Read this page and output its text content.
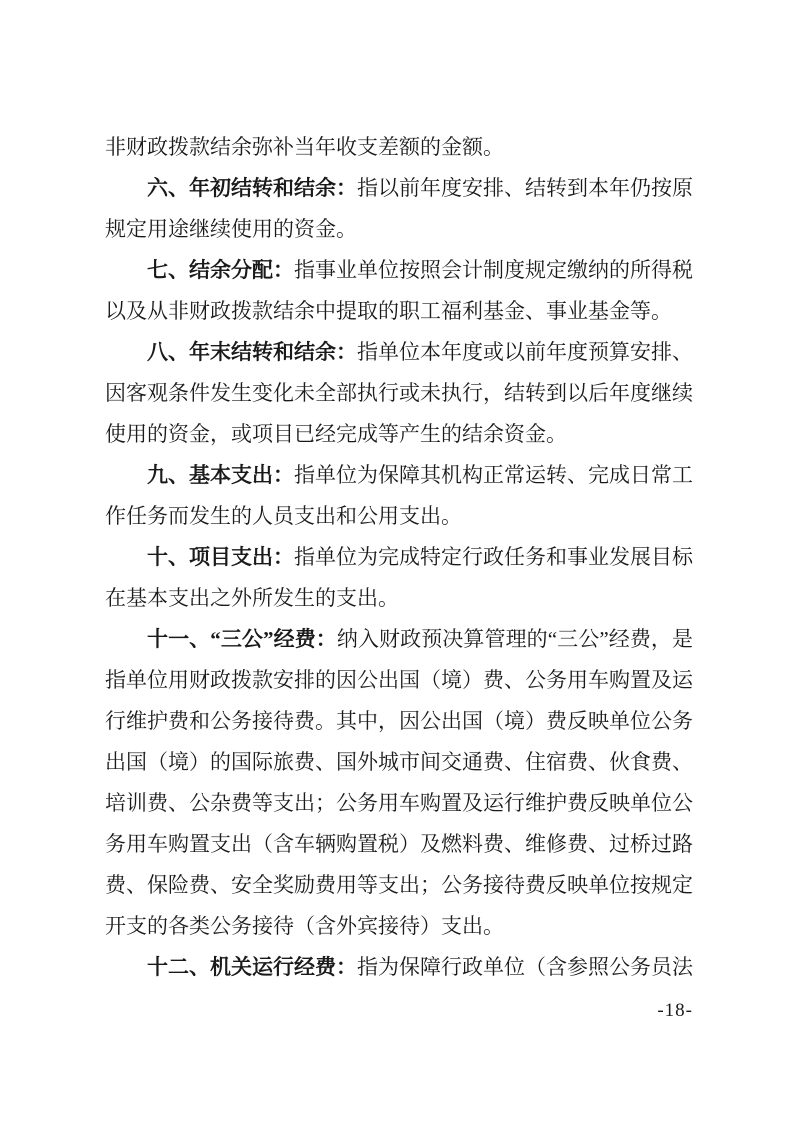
非财政拨款结余弥补当年收支差额的金额。

六、年初结转和结余：指以前年度安排、结转到本年仍按原规定用途继续使用的资金。

七、结余分配：指事业单位按照会计制度规定缴纳的所得税以及从非财政拨款结余中提取的职工福利基金、事业基金等。

八、年末结转和结余：指单位本年度或以前年度预算安排、因客观条件发生变化未全部执行或未执行，结转到以后年度继续使用的资金，或项目已经完成等产生的结余资金。

九、基本支出：指单位为保障其机构正常运转、完成日常工作任务而发生的人员支出和公用支出。

十、项目支出：指单位为完成特定行政任务和事业发展目标在基本支出之外所发生的支出。

十一、“三公”经费：纳入财政预决算管理的“三公”经费，是指单位用财政拨款安排的因公出国（境）费、公务用车购置及运行维护费和公务接待费。其中，因公出国（境）费反映单位公务出国（境）的国际旅费、国外城市间交通费、住宿费、伙食费、培训费、公杂费等支出；公务用车购置及运行维护费反映单位公务用车购置支出（含车辆购置税）及燃料费、维修费、过桥过路费、保险费、安全奖励费用等支出；公务接待费反映单位按规定开支的各类公务接待（含外宾接待）支出。

十二、机关运行经费：指为保障行政单位（含参照公务员法

-18-
